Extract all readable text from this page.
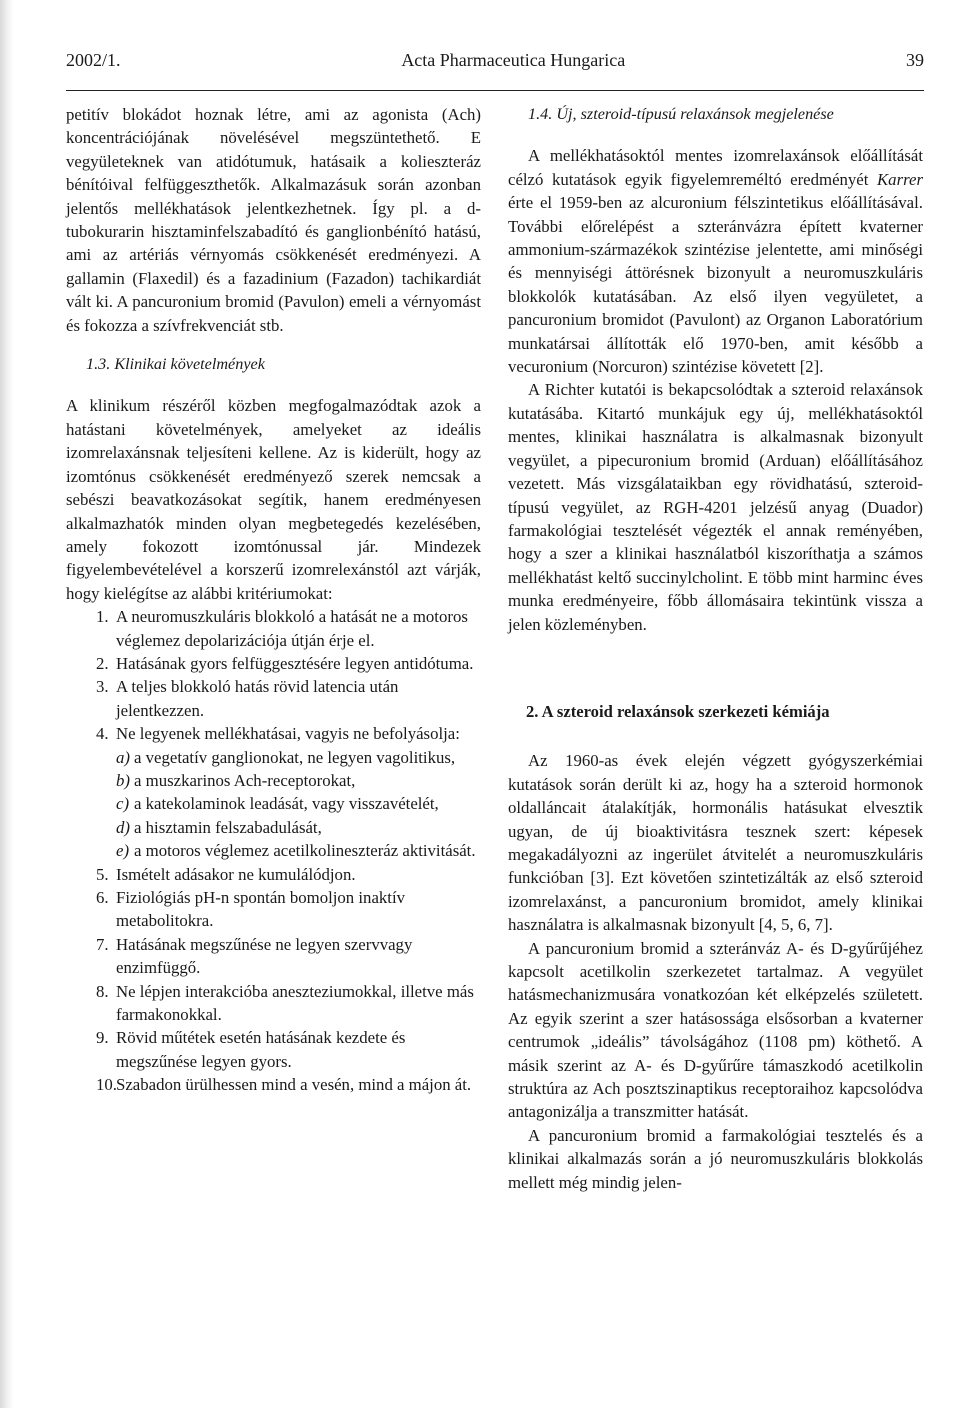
2002/1.	Acta Pharmaceutica Hungarica	39

petitív blokádot hoznak létre, ami az agonista (Ach) koncentrációjának növelésével megszüntethető. E vegyületeknek van atidótumuk, hatásaik a kolieszteráz bénítóival felfüggeszthetők. Alkalmazásuk során azonban jelentős mellékhatások jelentkezhetnek. Így pl. a d-tubokurarin hisztaminfelszabadító és ganglionbénító hatású, ami az artériás vérnyomás csökkenését eredményezi. A gallamin (Flaxedil) és a fazadinium (Fazadon) tachikardiát vált ki. A pancuronium bromid (Pavulon) emeli a vérnyomást és fokozza a szívfrekvenciát stb.

1.3. Klinikai követelmények

A klinikum részéről közben megfogalmazódtak azok a hatástani követelmények, amelyeket az ideális izomrelaxánsnak teljesíteni kellene. Az is kiderült, hogy az izomtónus csökkenését eredményező szerek nemcsak a sebészi beavatkozásokat segítik, hanem eredményesen alkalmazhatók minden olyan megbetegedés kezelésében, amely fokozott izomtónussal jár. Mindezek figyelembevételével a korszerű izomrelexánstól azt várják, hogy kielégítse az alábbi kritériumokat:

1. A neuromuszkuláris blokkoló a hatását ne a motoros véglemez depolarizációja útján érje el.
2. Hatásának gyors felfüggesztésére legyen antidótuma.
3. A teljes blokkoló hatás rövid latencia után jelentkezzen.
4. Ne legyenek mellékhatásai, vagyis ne befolyásolja:
a) a vegetatív ganglionokat, ne legyen vagolitikus,
b) a muszkarinos Ach-receptorokat,
c) a katekolaminok leadását, vagy visszavételét,
d) a hisztamin felszabadulását,
e) a motoros véglemez acetilkolineszteráz aktivitását.
5. Ismételt adásakor ne kumulálódjon.
6. Fiziológiás pH-n spontán bomoljon inaktív metabolitokra.
7. Hatásának megszűnése ne legyen szervvagy enzimfüggő.
8. Ne lépjen interakcióba aneszteziumokkal, illetve más farmakonokkal.
9. Rövid műtétek esetén hatásának kezdete és megszűnése legyen gyors.
10. Szabadon ürülhessen mind a vesén, mind a májon át.

1.4. Új, szteroid-típusú relaxánsok megjelenése

A mellékhatásoktól mentes izomrelaxánsok előállítását célzó kutatások egyik figyelemreméltó eredményét Karrer érte el 1959-ben az alcuronium félszintetikus előállításával. További előrelépést a szteránvázra épített kvaterner ammonium-származékok szintézise jelentette, ami minőségi és mennyiségi áttörésnek bizonyult a neuromuszkuláris blokkolók kutatásában. Az első ilyen vegyületet, a pancuronium bromidot (Pavulont) az Organon Laboratórium munkatársai állították elő 1970-ben, amit később a vecuronium (Norcuron) szintézise követett [2].

A Richter kutatói is bekapcsolódtak a szteroid relaxánsok kutatásába. Kitartó munkájuk egy új, mellékhatásoktól mentes, klinikai használatra is alkalmasnak bizonyult vegyület, a pipecuronium bromid (Arduan) előállításához vezetett. Más vizsgálataikban egy rövidhatású, szteroid-típusú vegyület, az RGH-4201 jelzésű anyag (Duador) farmakológiai tesztelését végezték el annak reményében, hogy a szer a klinikai használatból kiszoríthatja a számos mellékhatást keltő succinylcholint. E több mint harminc éves munka eredményeire, főbb állomásaira tekintünk vissza a jelen közleményben.

2. A szteroid relaxánsok szerkezeti kémiája

Az 1960-as évek elején végzett gyógyszerkémiai kutatások során derült ki az, hogy ha a szteroid hormonok oldalláncait átalakítják, hormonális hatásukat elvesztik ugyan, de új bioaktivitásra tesznek szert: képesek megakadályozni az ingerület átvitelét a neuromuszkuláris funkcióban [3]. Ezt követően szintetizálták az első szteroid izomrelaxánst, a pancuronium bromidot, amely klinikai használatra is alkalmasnak bizonyult [4, 5, 6, 7].

A pancuronium bromid a szteránváz A- és D-gyűrűjéhez kapcsolt acetilkolin szerkezetet tartalmaz. A vegyület hatásmechanizmusára vonatkozóan két elképzelés született. Az egyik szerint a szer hatásossága elsősorban a kvaterner centrumok „ideális” távolságához (1108 pm) köthető. A másik szerint az A- és D-gyűrűre támaszkodó acetilkolin struktúra az Ach posztszinaptikus receptoraihoz kapcsolódva antagonizálja a transzmitter hatását.

A pancuronium bromid a farmakológiai tesztelés és a klinikai alkalmazás során a jó neuromuszkuláris blokkolás mellett még mindig jelen-
